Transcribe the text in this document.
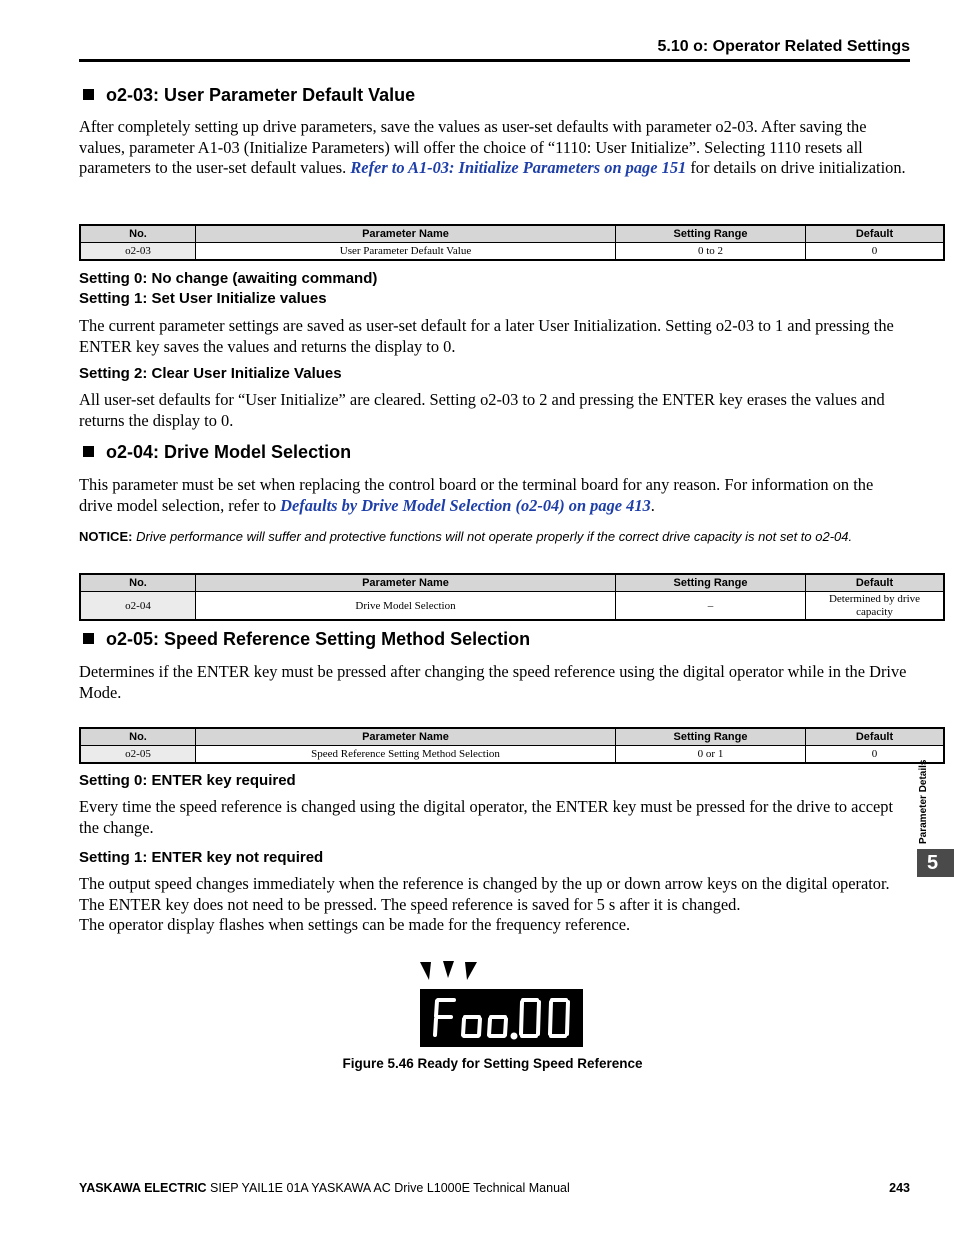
5.10 o: Operator Related Settings
o2-03: User Parameter Default Value
After completely setting up drive parameters, save the values as user-set defaults with parameter o2-03. After saving the values, parameter A1-03 (Initialize Parameters) will offer the choice of “1110: User Initialize”. Selecting 1110 resets all parameters to the user-set default values. Refer to A1-03: Initialize Parameters on page 151 for details on drive initialization.
No.	Parameter Name	Setting Range	Default
o2-03	User Parameter Default Value	0 to 2	0
Setting 0: No change (awaiting command)
Setting 1: Set User Initialize values
The current parameter settings are saved as user-set default for a later User Initialization. Setting o2-03 to 1 and pressing the ENTER key saves the values and returns the display to 0.
Setting 2: Clear User Initialize Values
All user-set defaults for “User Initialize” are cleared. Setting o2-03 to 2 and pressing the ENTER key erases the values and returns the display to 0.
o2-04: Drive Model Selection
This parameter must be set when replacing the control board or the terminal board for any reason. For information on the drive model selection, refer to Defaults by Drive Model Selection (o2-04) on page 413.
NOTICE: Drive performance will suffer and protective functions will not operate properly if the correct drive capacity is not set to o2-04.
No.	Parameter Name	Setting Range	Default
o2-04	Drive Model Selection	–	Determined by drive capacity
o2-05: Speed Reference Setting Method Selection
Determines if the ENTER key must be pressed after changing the speed reference using the digital operator while in the Drive Mode.
No.	Parameter Name	Setting Range	Default
o2-05	Speed Reference Setting Method Selection	0 or 1	0
Setting 0: ENTER key required
Every time the speed reference is changed using the digital operator, the ENTER key must be pressed for the drive to accept the change.
Setting 1: ENTER key not required
The output speed changes immediately when the reference is changed by the up or down arrow keys on the digital operator. The ENTER key does not need to be pressed. The speed reference is saved for 5 s after it is changed.
The operator display flashes when settings can be made for the frequency reference.
Parameter Details
5
Figure 5.46 Ready for Setting Speed Reference
YASKAWA ELECTRIC SIEP YAIL1E 01A YASKAWA AC Drive L1000E Technical Manual	243
